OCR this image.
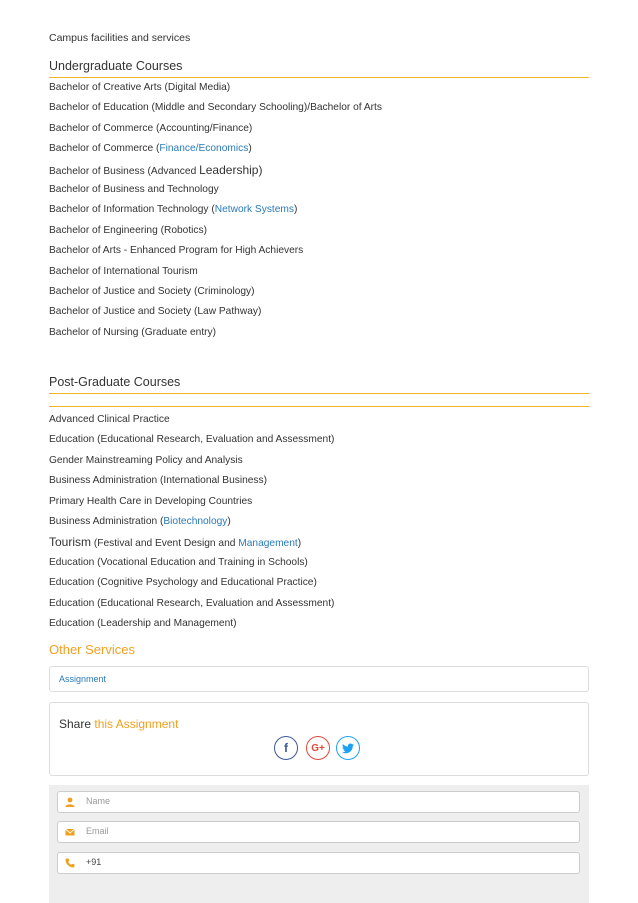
Campus facilities and services
Undergraduate Courses
Bachelor of Creative Arts (Digital Media)
Bachelor of Education (Middle and Secondary Schooling)/Bachelor of Arts
Bachelor of Commerce (Accounting/Finance)
Bachelor of Commerce (Finance/Economics)
Bachelor of Business (Advanced Leadership)
Bachelor of Business and Technology
Bachelor of Information Technology (Network Systems)
Bachelor of Engineering (Robotics)
Bachelor of Arts - Enhanced Program for High Achievers
Bachelor of International Tourism
Bachelor of Justice and Society (Criminology)
Bachelor of Justice and Society (Law Pathway)
Bachelor of Nursing (Graduate entry)
Post-Graduate Courses
Advanced Clinical Practice
Education (Educational Research, Evaluation and Assessment)
Gender Mainstreaming Policy and Analysis
Business Administration (International Business)
Primary Health Care in Developing Countries
Business Administration (Biotechnology)
Tourism (Festival and Event Design and Management)
Education (Vocational Education and Training in Schools)
Education (Cognitive Psychology and Educational Practice)
Education (Educational Research, Evaluation and Assessment)
Education (Leadership and Management)
Other Services
Assignment
Share this Assignment
f G+
Name
Email
+91
